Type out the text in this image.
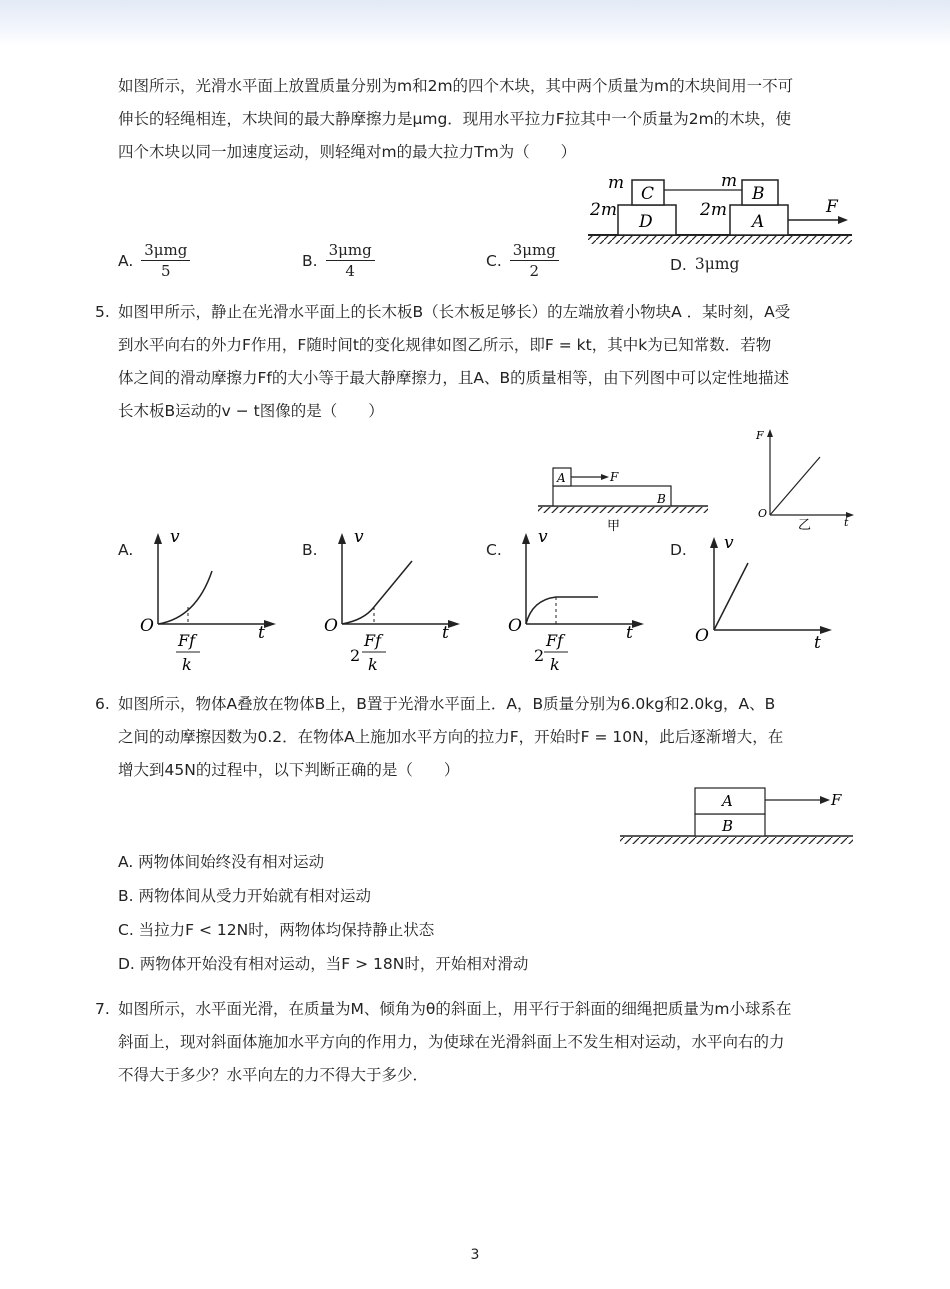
如图所示，光滑水平面上放置质量分别为m和2m的四个木块，其中两个质量为m的木块间用一不可
伸长的轻绳相连，木块间的最大静摩擦力是μmg．现用水平拉力F拉其中一个质量为2m的木块，使
四个木块以同一加速度运动，则轻绳对m的最大拉力Tm为（　　）
m
C
m
B
2m
D
2m
A
F
A. $\frac{\text{3μmg}}{5}$	B. $\frac{\text{3μmg}}{4}$	C. $\frac{\text{3μmg}}{2}$	D. 3μmg
5. 如图甲所示，静止在光滑水平面上的长木板B（长木板足够长）的左端放着小物块A ．某时刻，A受
到水平向右的外力F作用，F随时间t的变化规律如图乙所示，即F = kt，其中k为已知常数．若物
体之间的滑动摩擦力Ff的大小等于最大静摩擦力，且A、B的质量相等，由下列图中可以定性地描述
长木板B运动的v − t图像的是（　　）
A	F
B
甲
F
O
t
乙
A.
v
O	t
Ff
k
B.
v
O	t
2
Ff
k
C.
v
O	t
2
Ff
k
D. v
O	t
6. 如图所示，物体A叠放在物体B上，B置于光滑水平面上．A，B质量分别为6.0kg和2.0kg，A、B
之间的动摩擦因数为0.2．在物体A上施加水平方向的拉力F，开始时F = 10N，此后逐渐增大，在
增大到45N的过程中，以下判断正确的是（　　）
A
B
F
A. 两物体间始终没有相对运动
B. 两物体间从受力开始就有相对运动
C. 当拉力F < 12N时，两物体均保持静止状态
D. 两物体开始没有相对运动，当F > 18N时，开始相对滑动
7. 如图所示，水平面光滑，在质量为M、倾角为θ的斜面上，用平行于斜面的细绳把质量为m小球系在
斜面上，现对斜面体施加水平方向的作用力，为使球在光滑斜面上不发生相对运动，水平向右的力
不得大于多少？水平向左的力不得大于多少．
3
